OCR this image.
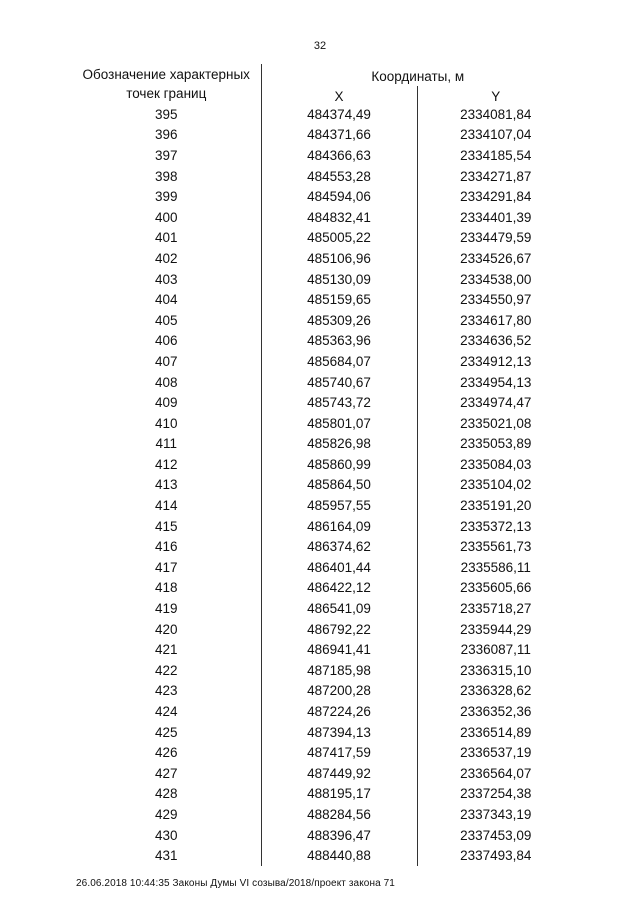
32
Обозначение характерных точек границ	Координаты, м	
	X	Y
395	484374,49	2334081,84
396	484371,66	2334107,04
397	484366,63	2334185,54
398	484553,28	2334271,87
399	484594,06	2334291,84
400	484832,41	2334401,39
401	485005,22	2334479,59
402	485106,96	2334526,67
403	485130,09	2334538,00
404	485159,65	2334550,97
405	485309,26	2334617,80
406	485363,96	2334636,52
407	485684,07	2334912,13
408	485740,67	2334954,13
409	485743,72	2334974,47
410	485801,07	2335021,08
411	485826,98	2335053,89
412	485860,99	2335084,03
413	485864,50	2335104,02
414	485957,55	2335191,20
415	486164,09	2335372,13
416	486374,62	2335561,73
417	486401,44	2335586,11
418	486422,12	2335605,66
419	486541,09	2335718,27
420	486792,22	2335944,29
421	486941,41	2336087,11
422	487185,98	2336315,10
423	487200,28	2336328,62
424	487224,26	2336352,36
425	487394,13	2336514,89
426	487417,59	2336537,19
427	487449,92	2336564,07
428	488195,17	2337254,38
429	488284,56	2337343,19
430	488396,47	2337453,09
431	488440,88	2337493,84
26.06.2018 10:44:35 Законы Думы VI созыва/2018/проект закона 71
